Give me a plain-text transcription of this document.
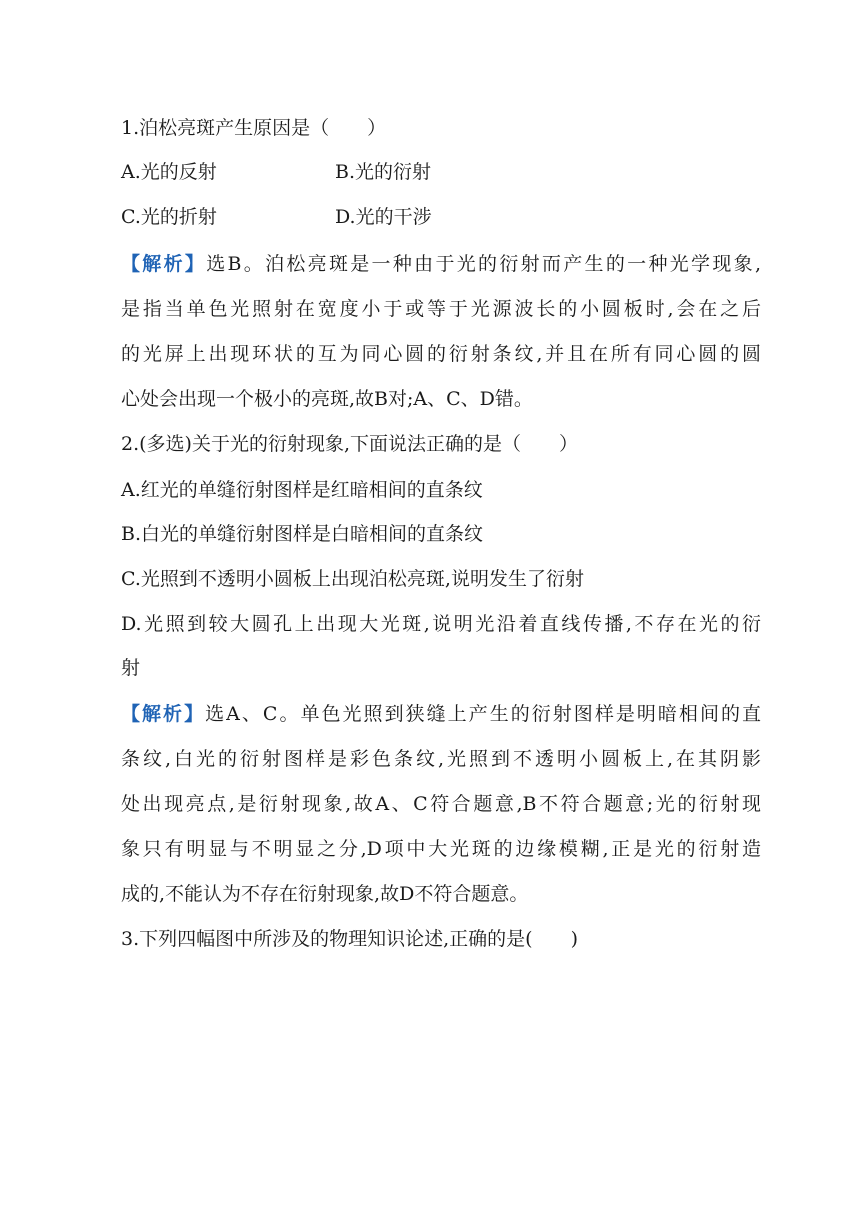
1.泊松亮斑产生原因是（　　）
A.光的反射	B.光的衍射
C.光的折射	D.光的干涉
【解析】选B。泊松亮斑是一种由于光的衍射而产生的一种光学现象,
是指当单色光照射在宽度小于或等于光源波长的小圆板时,会在之后
的光屏上出现环状的互为同心圆的衍射条纹,并且在所有同心圆的圆
心处会出现一个极小的亮斑,故B对;A、C、D错。
2.(多选)关于光的衍射现象,下面说法正确的是（　　）
A.红光的单缝衍射图样是红暗相间的直条纹
B.白光的单缝衍射图样是白暗相间的直条纹
C.光照到不透明小圆板上出现泊松亮斑,说明发生了衍射
D.光照到较大圆孔上出现大光斑,说明光沿着直线传播,不存在光的衍
射
【解析】选A、C。单色光照到狭缝上产生的衍射图样是明暗相间的直
条纹,白光的衍射图样是彩色条纹,光照到不透明小圆板上,在其阴影
处出现亮点,是衍射现象,故A、C符合题意,B不符合题意;光的衍射现
象只有明显与不明显之分,D项中大光斑的边缘模糊,正是光的衍射造
成的,不能认为不存在衍射现象,故D不符合题意。
3.下列四幅图中所涉及的物理知识论述,正确的是(　　)
